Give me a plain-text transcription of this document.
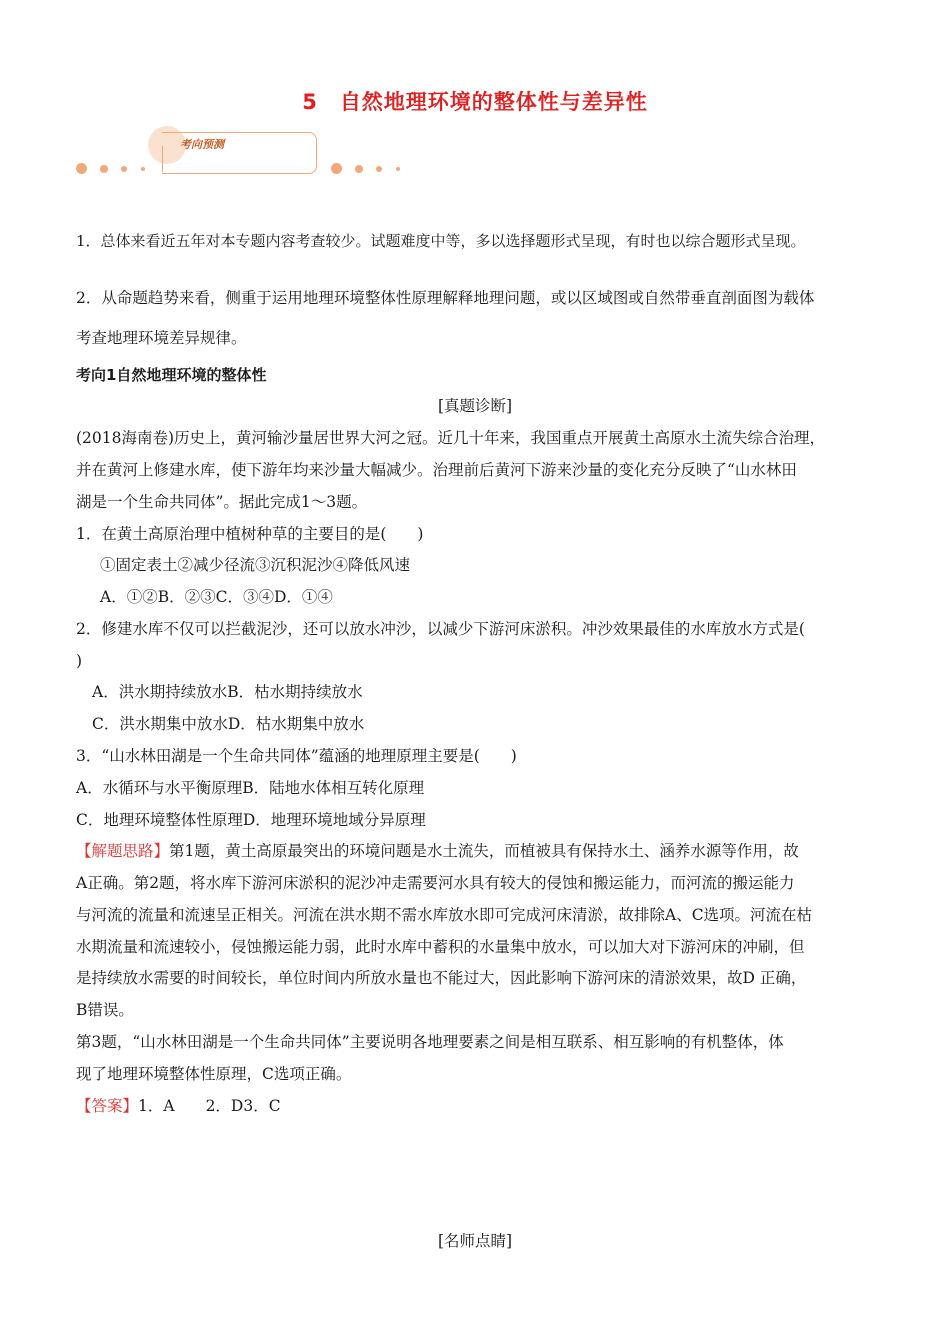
5 自然地理环境的整体性与差异性
考向预测
1．总体来看近五年对本专题内容考查较少。试题难度中等，多以选择题形式呈现，有时也以综合题形式呈现。
2．从命题趋势来看，侧重于运用地理环境整体性原理解释地理问题，或以区域图或自然带垂直剖面图为载体
考查地理环境差异规律。
考向1自然地理环境的整体性
[真题诊断]
(2018海南卷)历史上，黄河输沙量居世界大河之冠。近几十年来，我国重点开展黄土高原水土流失综合治理，
并在黄河上修建水库，使下游年均来沙量大幅减少。治理前后黄河下游来沙量的变化充分反映了“山水林田
湖是一个生命共同体”。据此完成1～3题。
1．在黄土高原治理中植树种草的主要目的是(　　)
①固定表土②减少径流③沉积泥沙④降低风速
A．①②B．②③C．③④D．①④
2．修建水库不仅可以拦截泥沙，还可以放水冲沙，以减少下游河床淤积。冲沙效果最佳的水库放水方式是(
)
A．洪水期持续放水B．枯水期持续放水
C．洪水期集中放水D．枯水期集中放水
3．“山水林田湖是一个生命共同体”蕴涵的地理原理主要是(　　)
A．水循环与水平衡原理B．陆地水体相互转化原理
C．地理环境整体性原理D．地理环境地域分异原理
【解题思路】第1题，黄土高原最突出的环境问题是水土流失，而植被具有保持水土、涵养水源等作用，故
A正确。第2题，将水库下游河床淤积的泥沙冲走需要河水具有较大的侵蚀和搬运能力，而河流的搬运能力
与河流的流量和流速呈正相关。河流在洪水期不需水库放水即可完成河床清淤，故排除A、C选项。河流在枯
水期流量和流速较小，侵蚀搬运能力弱，此时水库中蓄积的水量集中放水，可以加大对下游河床的冲刷，但
是持续放水需要的时间较长，单位时间内所放水量也不能过大，因此影响下游河床的清淤效果，故D 正确，
B错误。
第3题，“山水林田湖是一个生命共同体”主要说明各地理要素之间是相互联系、相互影响的有机整体，体
现了地理环境整体性原理，C选项正确。
【答案】1．A　　2．D3．C
[名师点睛]
